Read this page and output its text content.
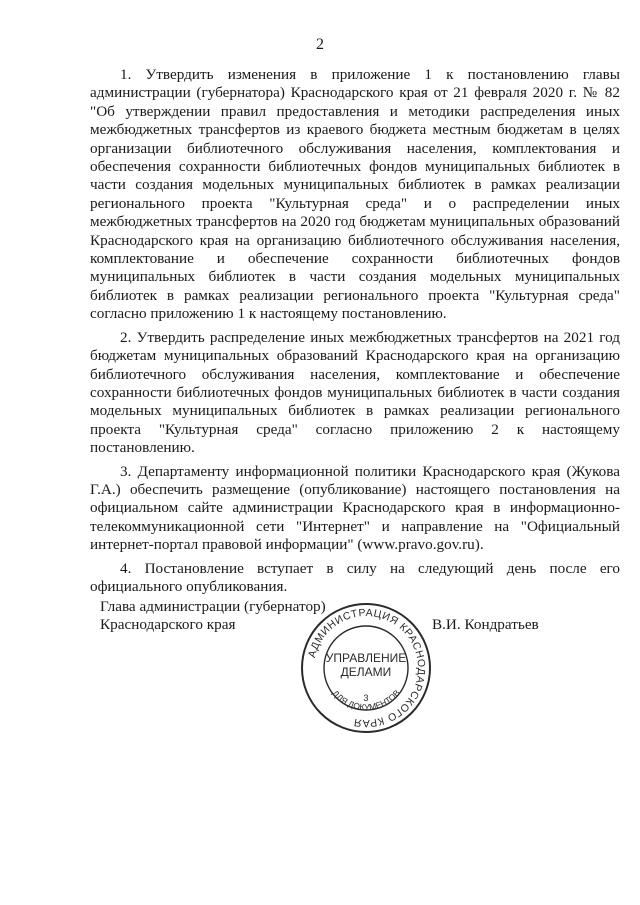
2

1. Утвердить изменения в приложение 1 к постановлению главы администрации (губернатора) Краснодарского края от 21 февраля 2020 г. № 82 "Об утверждении правил предоставления и методики распределения иных межбюджетных трансфертов из краевого бюджета местным бюджетам в целях организации библиотечного обслуживания населения, комплектования и обеспечения сохранности библиотечных фондов муниципальных библиотек в части создания модельных муниципальных библиотек в рамках реализации регионального проекта "Культурная среда" и о распределении иных межбюджетных трансфертов на 2020 год бюджетам муниципальных образований Краснодарского края на организацию библиотечного обслуживания населения, комплектование и обеспечение сохранности библиотечных фондов муниципальных библиотек в части создания модельных муниципальных библиотек в рамках реализации регионального проекта "Культурная среда" согласно приложению 1 к настоящему постановлению.

2. Утвердить распределение иных межбюджетных трансфертов на 2021 год бюджетам муниципальных образований Краснодарского края на организацию библиотечного обслуживания населения, комплектование и обеспечение сохранности библиотечных фондов муниципальных библиотек в части создания модельных муниципальных библиотек в рамках реализации регионального проекта "Культурная среда" согласно приложению 2 к настоящему постановлению.

3. Департаменту информационной политики Краснодарского края (Жукова Г.А.) обеспечить размещение (опубликование) настоящего постановления на официальном сайте администрации Краснодарского края в информационно-телекоммуникационной сети "Интернет" и направление на "Официальный интернет-портал правовой информации" (www.pravo.gov.ru).

4. Постановление вступает в силу на следующий день после его официального опубликования.

Глава администрации (губернатор)
Краснодарского края	В.И. Кондратьев
АДМИНИСТРАЦИЯ КРАСНОДАРСКОГО КРАЯ
ДЛЯ ДОКУМЕНТОВ
УПРАВЛЕНИЕ
ДЕЛАМИ
3
